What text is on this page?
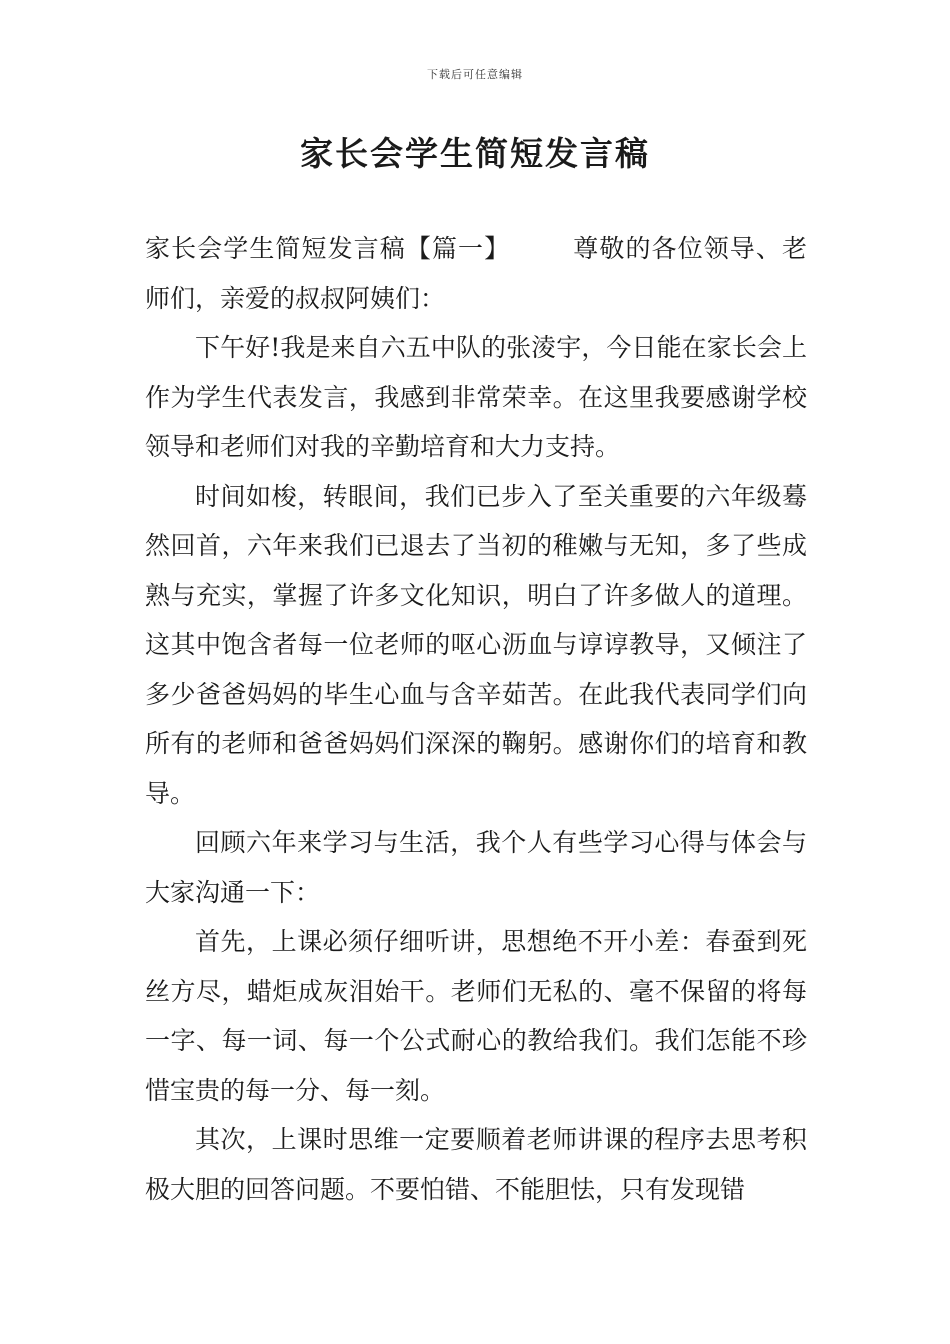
下载后可任意编辑
家长会学生简短发言稿

家长会学生简短发言稿【篇一】 尊敬的各位领导、老师们，亲爱的叔叔阿姨们：

下午好!我是来自六五中队的张淩宇，今日能在家长会上作为学生代表发言，我感到非常荣幸。在这里我要感谢学校领导和老师们对我的辛勤培育和大力支持。

时间如梭，转眼间，我们已步入了至关重要的六年级蓦然回首，六年来我们已退去了当初的稚嫩与无知，多了些成熟与充实，掌握了许多文化知识，明白了许多做人的道理。这其中饱含者每一位老师的呕心沥血与谆谆教导，又倾注了多少爸爸妈妈的毕生心血与含辛茹苦。在此我代表同学们向所有的老师和爸爸妈妈们深深的鞠躬。感谢你们的培育和教导。

回顾六年来学习与生活，我个人有些学习心得与体会与大家沟通一下：

首先，上课必须仔细听讲，思想绝不开小差：春蚕到死丝方尽，蜡炬成灰泪始干。老师们无私的、毫不保留的将每一字、每一词、每一个公式耐心的教给我们。我们怎能不珍惜宝贵的每一分、每一刻。

其次，上课时思维一定要顺着老师讲课的程序去思考积极大胆的回答问题。不要怕错、不能胆怯，只有发现错
